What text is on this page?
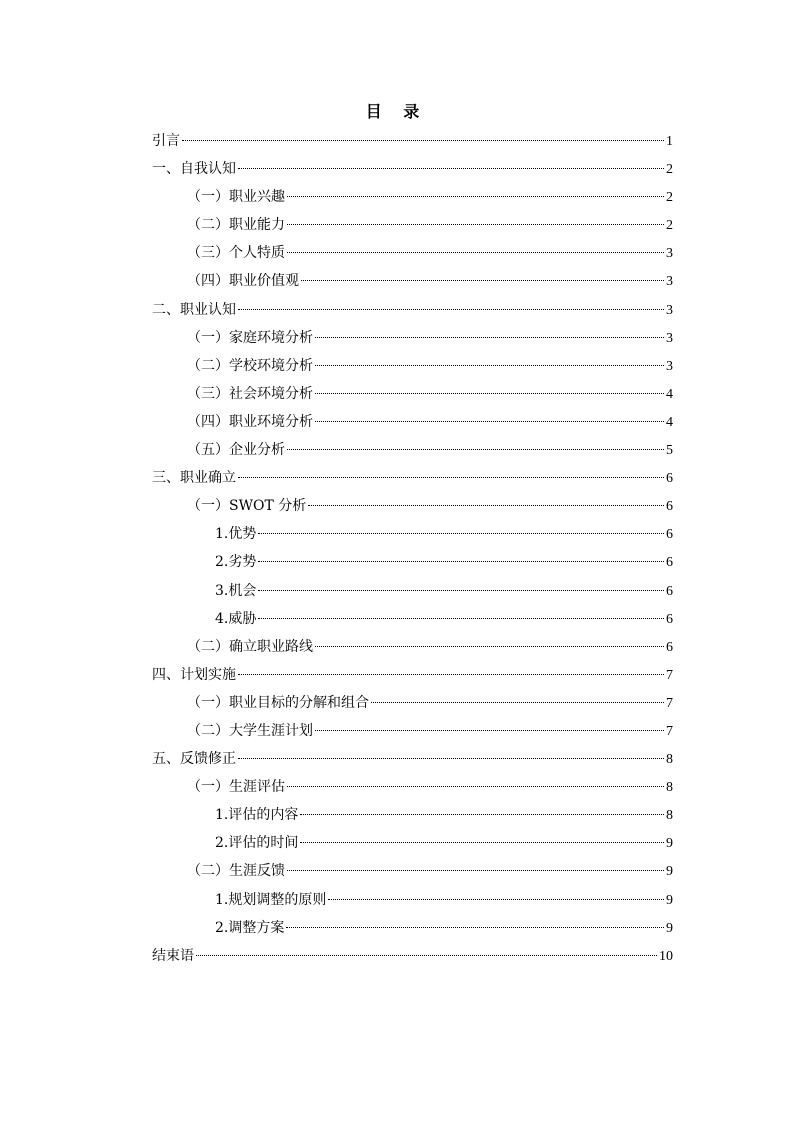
目 录
引言	1
一、自我认知	2
（一）职业兴趣	2
（二）职业能力	2
（三）个人特质	3
（四）职业价值观	3
二、职业认知	3
（一）家庭环境分析	3
（二）学校环境分析	3
（三）社会环境分析	4
（四）职业环境分析	4
（五）企业分析	5
三、职业确立	6
（一）SWOT 分析	6
1.优势	6
2.劣势	6
3.机会	6
4.威胁	6
（二）确立职业路线	6
四、计划实施	7
（一）职业目标的分解和组合	7
（二）大学生涯计划	7
五、反馈修正	8
（一）生涯评估	8
1.评估的内容	8
2.评估的时间	9
（二）生涯反馈	9
1.规划调整的原则	9
2.调整方案	9
结束语	10
